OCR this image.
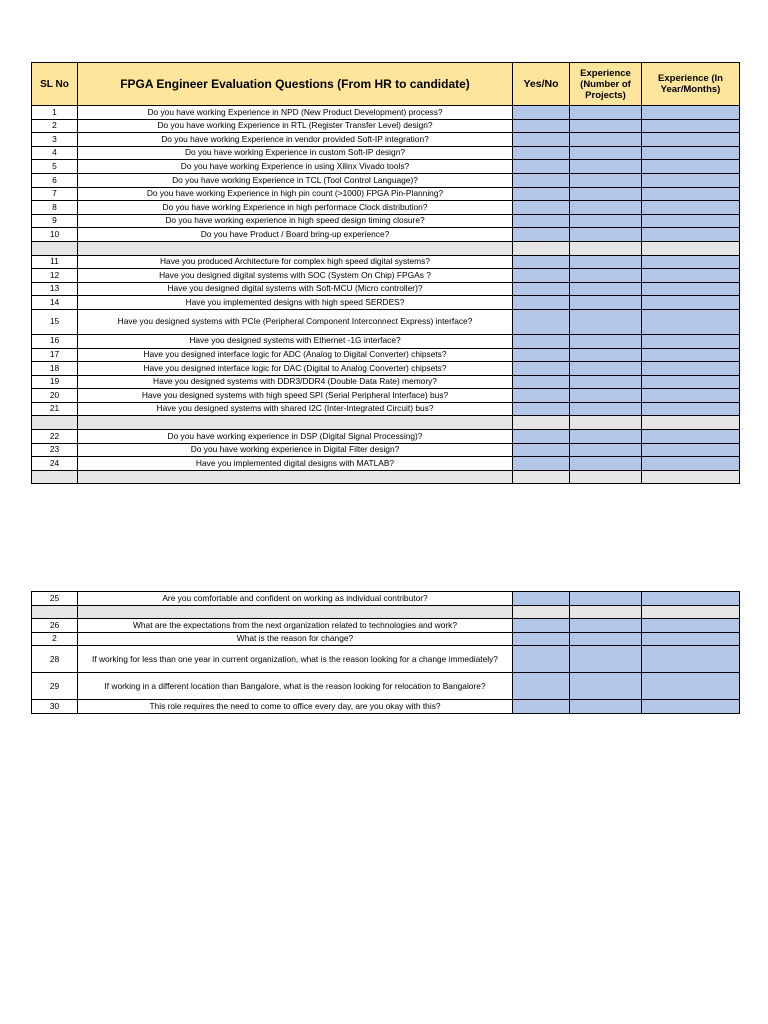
SL No	FPGA Engineer Evaluation Questions (From HR to candidate)	Yes/No	Experience (Number of Projects)	Experience (In Year/Months)
1	Do you have working Experience in NPD (New Product Development) process?			
2	Do you have working Experience in RTL (Register Transfer Level) design?			
3	Do you have working Experience in vendor provided Soft-IP integration?			
4	Do you have working Experience in custom Soft-IP design?			
5	Do you have working Experience in using Xilinx Vivado tools?			
6	Do you have working Experience in TCL (Tool Control Language)?			
7	Do you have working Experience in high pin count (>1000) FPGA Pin-Planning?			
8	Do you have working Experience in high performace Clock distribution?			
9	Do you have working experience in high speed design timing closure?			
10	Do you have Product / Board bring-up experience?			

11	Have you produced Architecture for complex high speed digital systems?			
12	Have you designed digital systems with SOC (System On Chip) FPGAs ?			
13	Have you designed digital systems with Soft-MCU (Micro controller)?			
14	Have you implemented designs with high speed SERDES?			
15	Have you designed systems with PCIe (Peripheral Component Interconnect Express) interface?			
16	Have you designed systems with Ethernet -1G interface?			
17	Have you designed interface logic for ADC (Analog to Digital Converter) chipsets?			
18	Have you designed interface logic for DAC (Digital to Analog Converter) chipsets?			
19	Have you designed systems with DDR3/DDR4 (Double Data Rate) memory?			
20	Have you designed systems with high speed SPI (Serial Peripheral Interface) bus?			
21	Have you designed systems with shared I2C (Inter-Integrated Circuit) bus?			

22	Do you have working experience in DSP (Digital Signal Processing)?			
23	Do you have working experience in Digital Filter design?			
24	Have you implemented digital designs with MATLAB?			

25	Are you comfortable and confident on working as individual contributor?			

26	What are the expectations from the next organization related to technologies and work?			
2	What is the reason for change?			
28	If working for less than one year in current organization, what is the reason looking for a change immediately?			
29	If working in a different location than Bangalore, what is the reason looking for relocation to Bangalore?			
30	This role requires the need to come to office every day, are you okay with this?			
